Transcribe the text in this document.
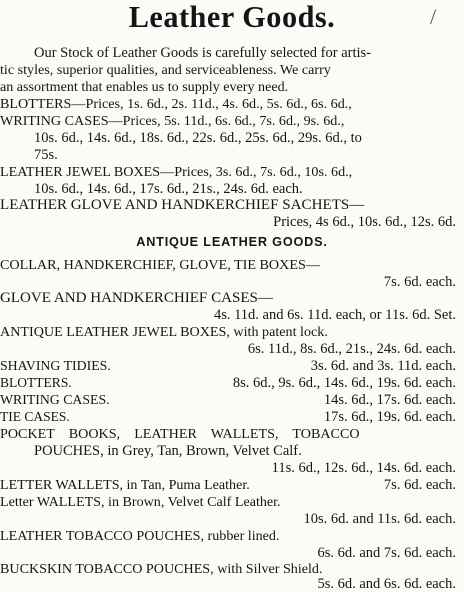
Leather Goods.	/
Our Stock of Leather Goods is carefully selected for artis-
tic styles, superior qualities, and serviceableness. We carry
an assortment that enables us to supply every need.
BLOTTERS—Prices, 1s. 6d., 2s. 11d., 4s. 6d., 5s. 6d., 6s. 6d.,
WRITING CASES—Prices, 5s. 11d., 6s. 6d., 7s. 6d., 9s. 6d.,
10s. 6d., 14s. 6d., 18s. 6d., 22s. 6d., 25s. 6d., 29s. 6d., to
75s.
LEATHER JEWEL BOXES—Prices, 3s. 6d., 7s. 6d., 10s. 6d.,
10s. 6d., 14s. 6d., 17s. 6d., 21s., 24s. 6d. each.
LEATHER GLOVE AND HANDKERCHIEF SACHETS—
Prices, 4s 6d., 10s. 6d., 12s. 6d.
ANTIQUE LEATHER GOODS.
COLLAR, HANDKERCHIEF, GLOVE, TIE BOXES—
7s. 6d. each.
GLOVE AND HANDKERCHIEF CASES—
4s. 11d. and 6s. 11d. each, or 11s. 6d. Set.
ANTIQUE LEATHER JEWEL BOXES, with patent lock.
6s. 11d., 8s. 6d., 21s., 24s. 6d. each.
SHAVING TIDIES.	3s. 6d. and 3s. 11d. each.
BLOTTERS.	8s. 6d., 9s. 6d., 14s. 6d., 19s. 6d. each.
WRITING CASES.	14s. 6d., 17s. 6d. each.
TIE CASES.	17s. 6d., 19s. 6d. each.
POCKET    BOOKS,    LEATHER    WALLETS,    TOBACCO
POUCHES, in Grey, Tan, Brown, Velvet Calf.
11s. 6d., 12s. 6d., 14s. 6d. each.
LETTER WALLETS, in Tan, Puma Leather.	7s. 6d. each.
Letter WALLETS, in Brown, Velvet Calf Leather.
10s. 6d. and 11s. 6d. each.
LEATHER TOBACCO POUCHES, rubber lined.
6s. 6d. and 7s. 6d. each.
BUCKSKIN TOBACCO POUCHES, with Silver Shield.
5s. 6d. and 6s. 6d. each.
